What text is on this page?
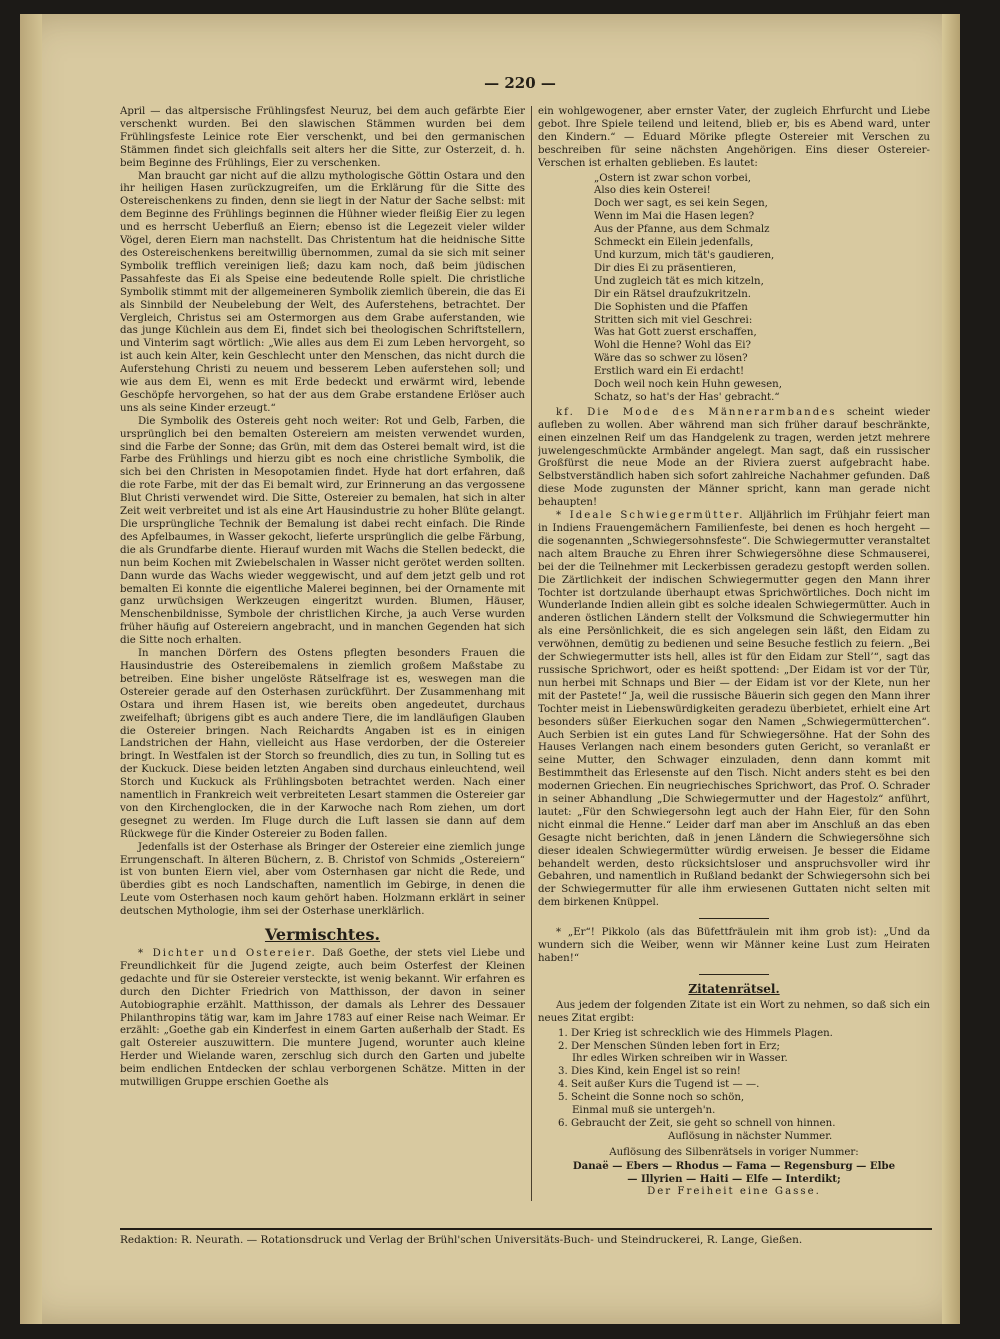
— 220 —

April — das altpersische Frühlingsfest Neuruz, bei dem auch gefärbte Eier verschenkt wurden. Bei den slawischen Stämmen wurden bei dem Frühlingsfeste Leinice rote Eier verschenkt, und bei den germanischen Stämmen findet sich gleichfalls seit alters her die Sitte, zur Osterzeit, d. h. beim Beginne des Frühlings, Eier zu verschenken.

Man braucht gar nicht auf die allzu mythologische Göttin Ostara und den ihr heiligen Hasen zurückzugreifen, um die Erklärung für die Sitte des Ostereischenkens zu finden, denn sie liegt in der Natur der Sache selbst: mit dem Beginne des Frühlings beginnen die Hühner wieder fleißig Eier zu legen und es herrscht Ueberfluß an Eiern; ebenso ist die Legezeit vieler wilder Vögel, deren Eiern man nachstellt. Das Christentum hat die heidnische Sitte des Ostereischenkens bereitwillig übernommen, zumal da sie sich mit seiner Symbolik trefflich vereinigen ließ; dazu kam noch, daß beim jüdischen Passahfeste das Ei als Speise eine bedeutende Rolle spielt. Die christliche Symbolik stimmt mit der allgemeineren Symbolik ziemlich überein, die das Ei als Sinnbild der Neubelebung der Welt, des Auferstehens, betrachtet. Der Vergleich, Christus sei am Ostermorgen aus dem Grabe auferstanden, wie das junge Küchlein aus dem Ei, findet sich bei theologischen Schriftstellern, und Vinterim sagt wörtlich: „Wie alles aus dem Ei zum Leben hervorgeht, so ist auch kein Alter, kein Geschlecht unter den Menschen, das nicht durch die Auferstehung Christi zu neuem und besserem Leben auferstehen soll; und wie aus dem Ei, wenn es mit Erde bedeckt und erwärmt wird, lebende Geschöpfe hervorgehen, so hat der aus dem Grabe erstandene Erlöser auch uns als seine Kinder erzeugt.“

Die Symbolik des Ostereis geht noch weiter: Rot und Gelb, Farben, die ursprünglich bei den bemalten Ostereiern am meisten verwendet wurden, sind die Farbe der Sonne; das Grün, mit dem das Osterei bemalt wird, ist die Farbe des Frühlings und hierzu gibt es noch eine christliche Symbolik, die sich bei den Christen in Mesopotamien findet. Hyde hat dort erfahren, daß die rote Farbe, mit der das Ei bemalt wird, zur Erinnerung an das vergossene Blut Christi verwendet wird. Die Sitte, Ostereier zu bemalen, hat sich in alter Zeit weit verbreitet und ist als eine Art Hausindustrie zu hoher Blüte gelangt. Die ursprüngliche Technik der Bemalung ist dabei recht einfach. Die Rinde des Apfelbaumes, in Wasser gekocht, lieferte ursprünglich die gelbe Färbung, die als Grundfarbe diente. Hierauf wurden mit Wachs die Stellen bedeckt, die nun beim Kochen mit Zwiebelschalen in Wasser nicht gerötet werden sollten. Dann wurde das Wachs wieder weggewischt, und auf dem jetzt gelb und rot bemalten Ei konnte die eigentliche Malerei beginnen, bei der Ornamente mit ganz urwüchsigen Werkzeugen eingeritzt wurden. Blumen, Häuser, Menschenbildnisse, Symbole der christlichen Kirche, ja auch Verse wurden früher häufig auf Ostereiern angebracht, und in manchen Gegenden hat sich die Sitte noch erhalten.

In manchen Dörfern des Ostens pflegten besonders Frauen die Hausindustrie des Ostereibemalens in ziemlich großem Maßstabe zu betreiben. Eine bisher ungelöste Rätselfrage ist es, weswegen man die Ostereier gerade auf den Osterhasen zurückführt. Der Zusammenhang mit Ostara und ihrem Hasen ist, wie bereits oben angedeutet, durchaus zweifelhaft; übrigens gibt es auch andere Tiere, die im landläufigen Glauben die Ostereier bringen. Nach Reichardts Angaben ist es in einigen Landstrichen der Hahn, vielleicht aus Hase verdorben, der die Ostereier bringt. In Westfalen ist der Storch so freundlich, dies zu tun, in Solling tut es der Kuckuck. Diese beiden letzten Angaben sind durchaus einleuchtend, weil Storch und Kuckuck als Frühlingsboten betrachtet werden. Nach einer namentlich in Frankreich weit verbreiteten Lesart stammen die Ostereier gar von den Kirchenglocken, die in der Karwoche nach Rom ziehen, um dort gesegnet zu werden. Im Fluge durch die Luft lassen sie dann auf dem Rückwege für die Kinder Ostereier zu Boden fallen.

Jedenfalls ist der Osterhase als Bringer der Ostereier eine ziemlich junge Errungenschaft. In älteren Büchern, z. B. Christof von Schmids „Ostereiern“ ist von bunten Eiern viel, aber vom Osternhasen gar nicht die Rede, und überdies gibt es noch Landschaften, namentlich im Gebirge, in denen die Leute vom Osterhasen noch kaum gehört haben. Holzmann erklärt in seiner deutschen Mythologie, ihm sei der Osterhase unerklärlich.

Vermischtes.

* Dichter und Ostereier. Daß Goethe, der stets viel Liebe und Freundlichkeit für die Jugend zeigte, auch beim Osterfest der Kleinen gedachte und für sie Ostereier versteckte, ist wenig bekannt. Wir erfahren es durch den Dichter Friedrich von Matthisson, der davon in seiner Autobiographie erzählt. Matthisson, der damals als Lehrer des Dessauer Philanthropins tätig war, kam im Jahre 1783 auf einer Reise nach Weimar. Er erzählt: „Goethe gab ein Kinderfest in einem Garten außerhalb der Stadt. Es galt Ostereier auszuwittern. Die muntere Jugend, worunter auch kleine Herder und Wielande waren, zerschlug sich durch den Garten und jubelte beim endlichen Entdecken der schlau verborgenen Schätze. Mitten in der mutwilligen Gruppe erschien Goethe als

ein wohlgewogener, aber ernster Vater, der zugleich Ehrfurcht und Liebe gebot. Ihre Spiele teilend und leitend, blieb er, bis es Abend ward, unter den Kindern.“ — Eduard Mörike pflegte Ostereier mit Verschen zu beschreiben für seine nächsten Angehörigen. Eins dieser Ostereier-Verschen ist erhalten geblieben. Es lautet:

„Ostern ist zwar schon vorbei,
Also dies kein Osterei!
Doch wer sagt, es sei kein Segen,
Wenn im Mai die Hasen legen?
Aus der Pfanne, aus dem Schmalz
Schmeckt ein Eilein jedenfalls,
Und kurzum, mich tät's gaudieren,
Dir dies Ei zu präsentieren,
Und zugleich tät es mich kitzeln,
Dir ein Rätsel draufzukritzeln.
Die Sophisten und die Pfaffen
Stritten sich mit viel Geschrei:
Was hat Gott zuerst erschaffen,
Wohl die Henne? Wohl das Ei?
Wäre das so schwer zu lösen?
Erstlich ward ein Ei erdacht!
Doch weil noch kein Huhn gewesen,
Schatz, so hat's der Has' gebracht.“

kf. Die Mode des Männerarmbandes scheint wieder aufleben zu wollen. Aber während man sich früher darauf beschränkte, einen einzelnen Reif um das Handgelenk zu tragen, werden jetzt mehrere juwelengeschmückte Armbänder angelegt. Man sagt, daß ein russischer Großfürst die neue Mode an der Riviera zuerst aufgebracht habe. Selbstverständlich haben sich sofort zahlreiche Nachahmer gefunden. Daß diese Mode zugunsten der Männer spricht, kann man gerade nicht behaupten!

* Ideale Schwiegermütter. Alljährlich im Frühjahr feiert man in Indiens Frauengemächern Familienfeste, bei denen es hoch hergeht — die sogenannten „Schwiegersohnsfeste“. Die Schwiegermutter veranstaltet nach altem Brauche zu Ehren ihrer Schwiegersöhne diese Schmauserei, bei der die Teilnehmer mit Leckerbissen geradezu gestopft werden sollen. Die Zärtlichkeit der indischen Schwiegermutter gegen den Mann ihrer Tochter ist dortzulande überhaupt etwas Sprichwörtliches. Doch nicht im Wunderlande Indien allein gibt es solche idealen Schwiegermütter. Auch in anderen östlichen Ländern stellt der Volksmund die Schwiegermutter hin als eine Persönlichkeit, die es sich angelegen sein läßt, den Eidam zu verwöhnen, demütig zu bedienen und seine Besuche festlich zu feiern. „Bei der Schwiegermutter ists hell, alles ist für den Eidam zur Stell’“, sagt das russische Sprichwort, oder es heißt spottend: „Der Eidam ist vor der Tür, nun herbei mit Schnaps und Bier — der Eidam ist vor der Klete, nun her mit der Pastete!“ Ja, weil die russische Bäuerin sich gegen den Mann ihrer Tochter meist in Liebenswürdigkeiten geradezu überbietet, erhielt eine Art besonders süßer Eierkuchen sogar den Namen „Schwiegermütterchen“. Auch Serbien ist ein gutes Land für Schwiegersöhne. Hat der Sohn des Hauses Verlangen nach einem besonders guten Gericht, so veranlaßt er seine Mutter, den Schwager einzuladen, denn dann kommt mit Bestimmtheit das Erlesenste auf den Tisch. Nicht anders steht es bei den modernen Griechen. Ein neugriechisches Sprichwort, das Prof. O. Schrader in seiner Abhandlung „Die Schwiegermutter und der Hagestolz“ anführt, lautet: „Für den Schwiegersohn legt auch der Hahn Eier, für den Sohn nicht einmal die Henne.“ Leider darf man aber im Anschluß an das eben Gesagte nicht berichten, daß in jenen Ländern die Schwiegersöhne sich dieser idealen Schwiegermütter würdig erweisen. Je besser die Eidame behandelt werden, desto rücksichtsloser und anspruchsvoller wird ihr Gebahren, und namentlich in Rußland bedankt der Schwiegersohn sich bei der Schwiegermutter für alle ihm erwiesenen Guttaten nicht selten mit dem birkenen Knüppel.

* „Er“! Pikkolo (als das Büfettfräulein mit ihm grob ist): „Und da wundern sich die Weiber, wenn wir Männer keine Lust zum Heiraten haben!“

Zitatenrätsel.

Aus jedem der folgenden Zitate ist ein Wort zu nehmen, so daß sich ein neues Zitat ergibt:

1. Der Krieg ist schrecklich wie des Himmels Plagen.
2. Der Menschen Sünden leben fort in Erz;
Ihr edles Wirken schreiben wir in Wasser.
3. Dies Kind, kein Engel ist so rein!
4. Seit außer Kurs die Tugend ist — —.
5. Scheint die Sonne noch so schön,
Einmal muß sie untergeh'n.
6. Gebraucht der Zeit, sie geht so schnell von hinnen.
Auflösung in nächster Nummer.
Auflösung des Silbenrätsels in voriger Nummer:
Danaë — Ebers — Rhodus — Fama — Regensburg — Elbe
— Illyrien — Haiti — Elfe — Interdikt;
Der Freiheit eine Gasse.
Redaktion: R. Neurath. — Rotationsdruck und Verlag der Brühl'schen Universitäts-Buch- und Steindruckerei, R. Lange, Gießen.
